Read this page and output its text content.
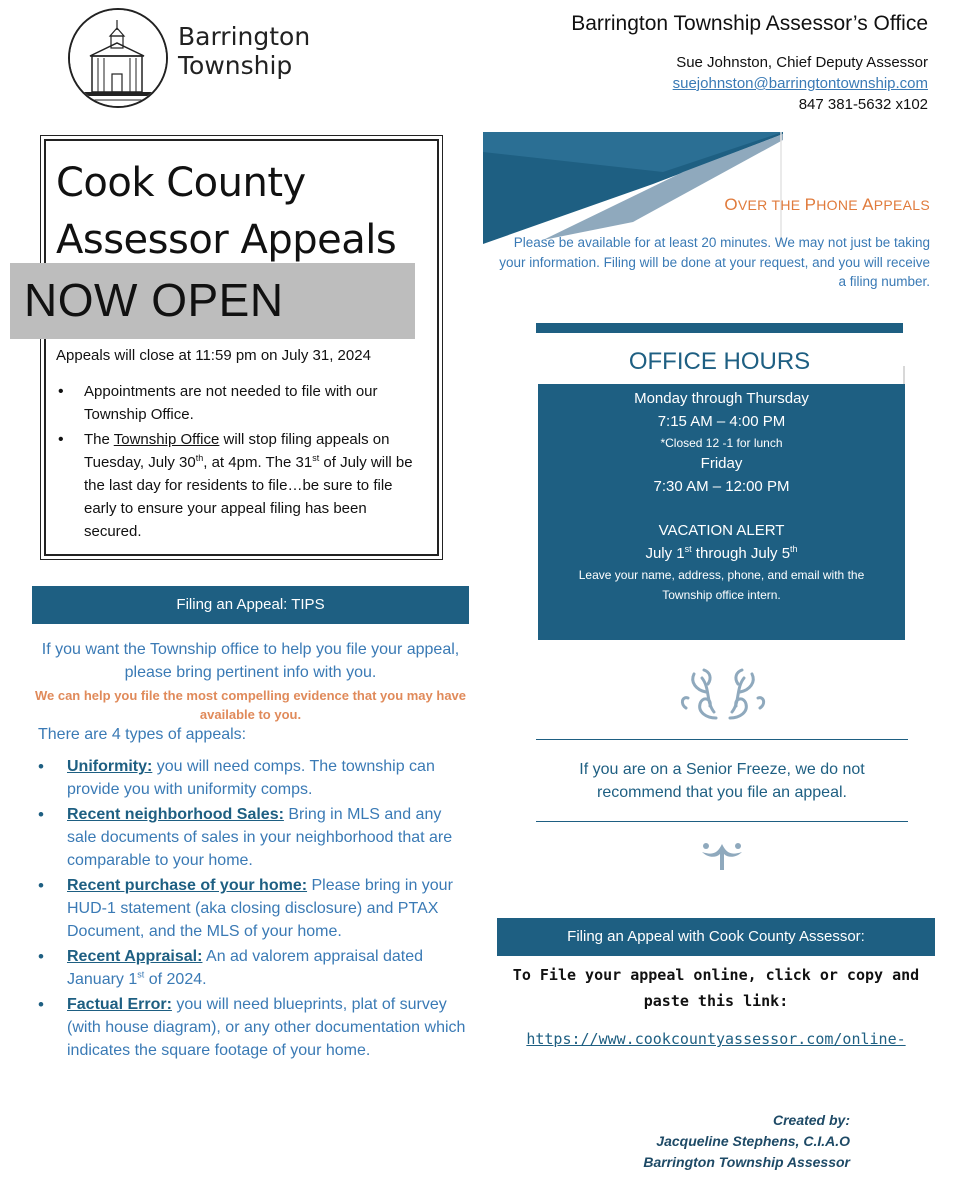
Barrington
Township
Barrington Township Assessor’s Office
Sue Johnston, Chief Deputy Assessor
suejohnston@barringtontownship.com
847 381-5632 x102
Cook County
Assessor Appeals
NOW OPEN
Appeals will close at 11:59 pm on July 31, 2024
• Appointments are not needed to file with our Township Office.
• The Township Office will stop filing appeals on Tuesday, July 30th, at 4pm. The 31st of July will be the last day for residents to file…be sure to file early to ensure your appeal filing has been secured.
Filing an Appeal: TIPS
If you want the Township office to help you file your appeal, please bring pertinent info with you.
We can help you file the most compelling evidence that you may have available to you.
There are 4 types of appeals:
• Uniformity: you will need comps. The township can provide you with uniformity comps.
• Recent neighborhood Sales: Bring in MLS and any sale documents of sales in your neighborhood that are comparable to your home.
• Recent purchase of your home: Please bring in your HUD-1 statement (aka closing disclosure) and PTAX Document, and the MLS of your home.
• Recent Appraisal: An ad valorem appraisal dated January 1st of 2024.
• Factual Error: you will need blueprints, plat of survey (with house diagram), or any other documentation which indicates the square footage of your home.
OVER THE PHONE APPEALS
Please be available for at least 20 minutes. We may not just be taking your information. Filing will be done at your request, and you will receive a filing number.
OFFICE HOURS
Monday through Thursday
7:15 AM – 4:00 PM
*Closed 12 -1 for lunch
Friday
7:30 AM – 12:00 PM
VACATION ALERT
July 1st through July 5th
Leave your name, address, phone, and email with the Township office intern.
If you are on a Senior Freeze, we do not recommend that you file an appeal.
Filing an Appeal with Cook County Assessor:
To File your appeal online, click or copy and paste this link:
https://www.cookcountyassessor.com/online-
Created by:
Jacqueline Stephens, C.I.A.O
Barrington Township Assessor
